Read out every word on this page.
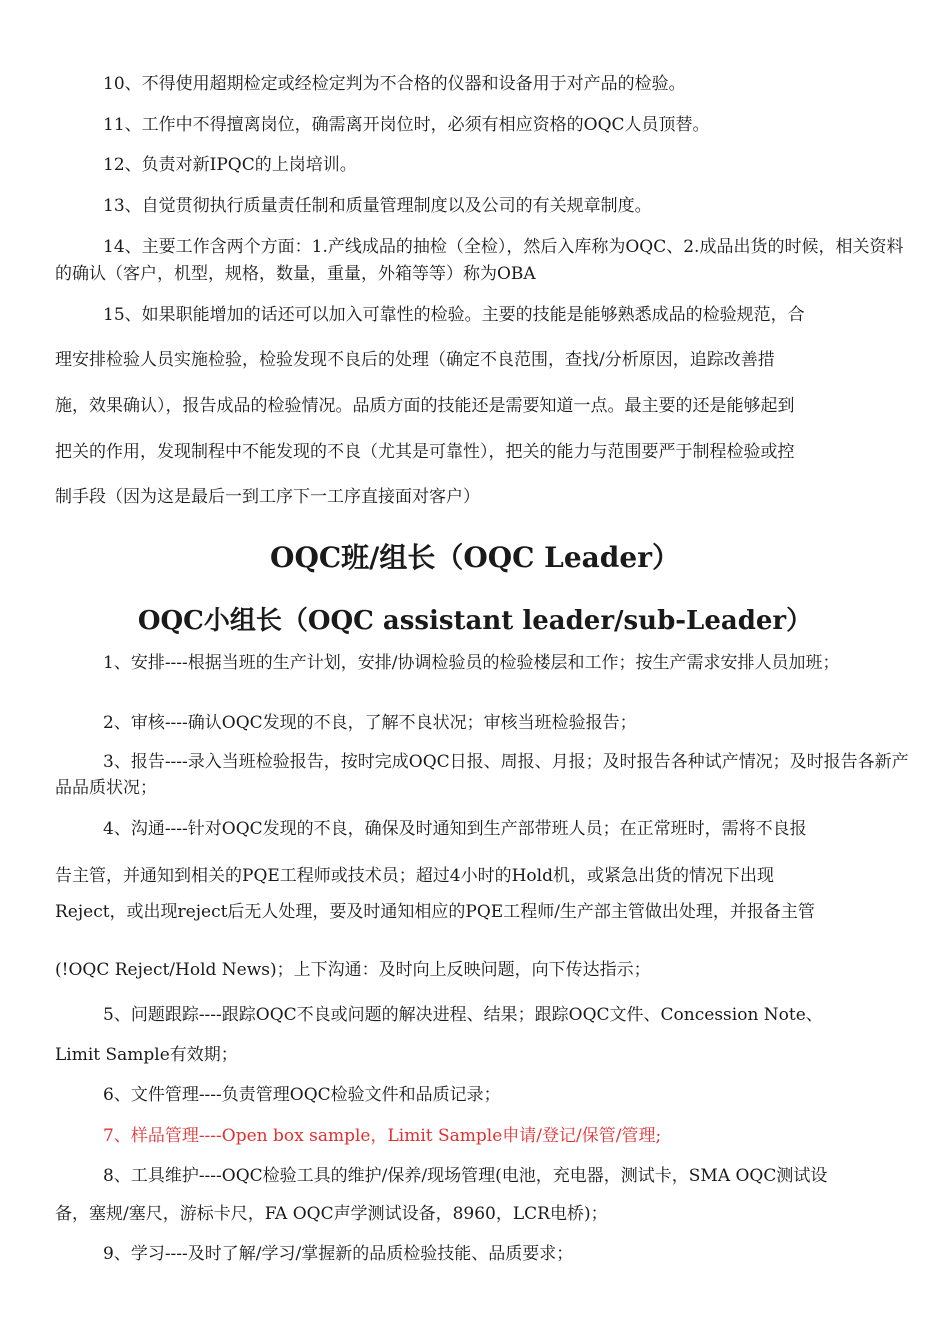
10、不得使用超期检定或经检定判为不合格的仪器和设备用于对产品的检验。

11、工作中不得擅离岗位，确需离开岗位时，必须有相应资格的OQC人员顶替。

12、负责对新IPQC的上岗培训。

13、自觉贯彻执行质量责任制和质量管理制度以及公司的有关规章制度。

14、主要工作含两个方面：1.产线成品的抽检（全检），然后入库称为OQC、2.成品出货的时候，相关资料的确认（客户，机型，规格，数量，重量，外箱等等）称为OBA

15、如果职能增加的话还可以加入可靠性的检验。主要的技能是能够熟悉成品的检验规范，合

理安排检验人员实施检验，检验发现不良后的处理（确定不良范围，查找/分析原因，追踪改善措

施，效果确认），报告成品的检验情况。品质方面的技能还是需要知道一点。最主要的还是能够起到

把关的作用，发现制程中不能发现的不良（尤其是可靠性），把关的能力与范围要严于制程检验或控

制手段（因为这是最后一到工序下一工序直接面对客户）

OQC班/组长（OQC Leader）
OQC小组长（OQC assistant leader/sub-Leader）

1、安排----根据当班的生产计划，安排/协调检验员的检验楼层和工作；按生产需求安排人员加班；

2、审核----确认OQC发现的不良，了解不良状况；审核当班检验报告；

3、报告----录入当班检验报告，按时完成OQC日报、周报、月报；及时报告各种试产情况；及时报告各新产品品质状况；

4、沟通----针对OQC发现的不良，确保及时通知到生产部带班人员；在正常班时，需将不良报

告主管，并通知到相关的PQE工程师或技术员；超过4小时的Hold机，或紧急出货的情况下出现

Reject，或出现reject后无人处理，要及时通知相应的PQE工程师/生产部主管做出处理，并报备主管

(!OQC Reject/Hold News)；上下沟通：及时向上反映问题，向下传达指示；

5、问题跟踪----跟踪OQC不良或问题的解决进程、结果；跟踪OQC文件、Concession Note、

Limit Sample有效期；

6、文件管理----负责管理OQC检验文件和品质记录；

7、样品管理----Open box sample，Limit Sample申请/登记/保管/管理;

8、工具维护----OQC检验工具的维护/保养/现场管理(电池，充电器，测试卡，SMA OQC测试设

备，塞规/塞尺，游标卡尺，FA OQC声学测试设备，8960，LCR电桥)；

9、学习----及时了解/学习/掌握新的品质检验技能、品质要求；
